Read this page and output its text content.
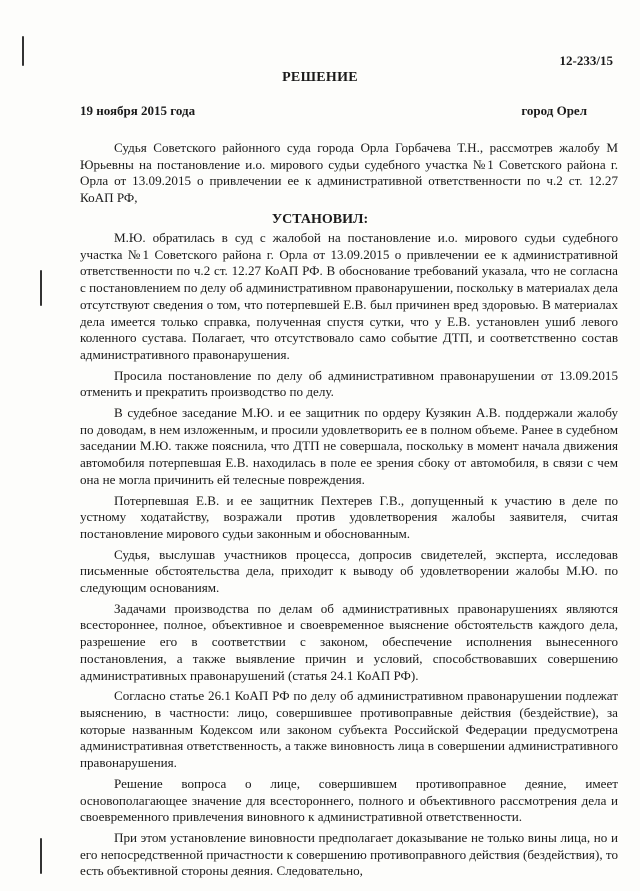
12-233/15
РЕШЕНИЕ
19 ноября 2015 года	город Орел

Судья Советского районного суда города Орла Горбачева Т.Н., рассмотрев жалобу М Юрьевны на постановление и.о. мирового судьи судебного участка №1 Советского района г. Орла от 13.09.2015 о привлечении ее к административной ответственности по ч.2 ст. 12.27 КоАП РФ,

УСТАНОВИЛ:

М.Ю. обратилась в суд с жалобой на постановление и.о. мирового судьи судебного участка №1 Советского района г. Орла от 13.09.2015 о привлечении ее к административной ответственности по ч.2 ст. 12.27 КоАП РФ. В обоснование требований указала, что не согласна с постановлением по делу об административном правонарушении, поскольку в материалах дела отсутствуют сведения о том, что потерпевшей Е.В. был причинен вред здоровью. В материалах дела имеется только справка, полученная спустя сутки, что у Е.В. установлен ушиб левого коленного сустава. Полагает, что отсутствовало само событие ДТП, и соответственно состав административного правонарушения.

Просила постановление по делу об административном правонарушении от 13.09.2015 отменить и прекратить производство по делу.

В судебное заседание М.Ю. и ее защитник по ордеру Кузякин А.В. поддержали жалобу по доводам, в нем изложенным, и просили удовлетворить ее в полном объеме. Ранее в судебном заседании М.Ю. также пояснила, что ДТП не совершала, поскольку в момент начала движения автомобиля потерпевшая Е.В. находилась в поле ее зрения сбоку от автомобиля, в связи с чем она не могла причинить ей телесные повреждения.

Потерпевшая Е.В. и ее защитник Пехтерев Г.В., допущенный к участию в деле по устному ходатайству, возражали против удовлетворения жалобы заявителя, считая постановление мирового судьи законным и обоснованным.

Судья, выслушав участников процесса, допросив свидетелей, эксперта, исследовав письменные обстоятельства дела, приходит к выводу об удовлетворении жалобы М.Ю. по следующим основаниям.

Задачами производства по делам об административных правонарушениях являются всестороннее, полное, объективное и своевременное выяснение обстоятельств каждого дела, разрешение его в соответствии с законом, обеспечение исполнения вынесенного постановления, а также выявление причин и условий, способствовавших совершению административных правонарушений (статья 24.1 КоАП РФ).

Согласно статье 26.1 КоАП РФ по делу об административном правонарушении подлежат выяснению, в частности: лицо, совершившее противоправные действия (бездействие), за которые названным Кодексом или законом субъекта Российской Федерации предусмотрена административная ответственность, а также виновность лица в совершении административного правонарушения.

Решение вопроса о лице, совершившем противоправное деяние, имеет основополагающее значение для всестороннего, полного и объективного рассмотрения дела и своевременного привлечения виновного к административной ответственности.

При этом установление виновности предполагает доказывание не только вины лица, но и его непосредственной причастности к совершению противоправного действия (бездействия), то есть объективной стороны деяния. Следовательно,
